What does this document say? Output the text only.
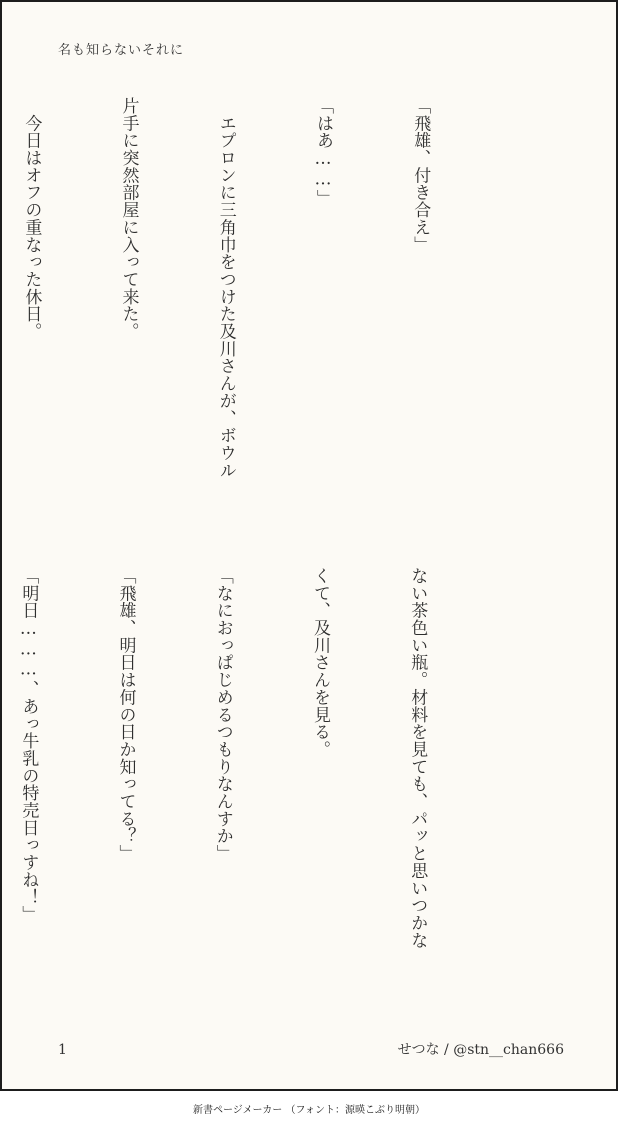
名も知らないそれに

「飛雄、付き合え」

「はあ……」

　エプロンに三角巾をつけた及川さんが、ボウル

片手に突然部屋に入って来た。

　今日はオフの重なった休日。

ない茶色い瓶。材料を見ても、パッと思いつかな

くて、及川さんを見る。

「なにおっぱじめるつもりなんすか」

「飛雄、明日は何の日か知ってる？」

「明日………、あっ牛乳の特売日っすね！」

1	せつな / @stn__chan666
新書ページメーカー （フォント：源暎こぶり明朝）
